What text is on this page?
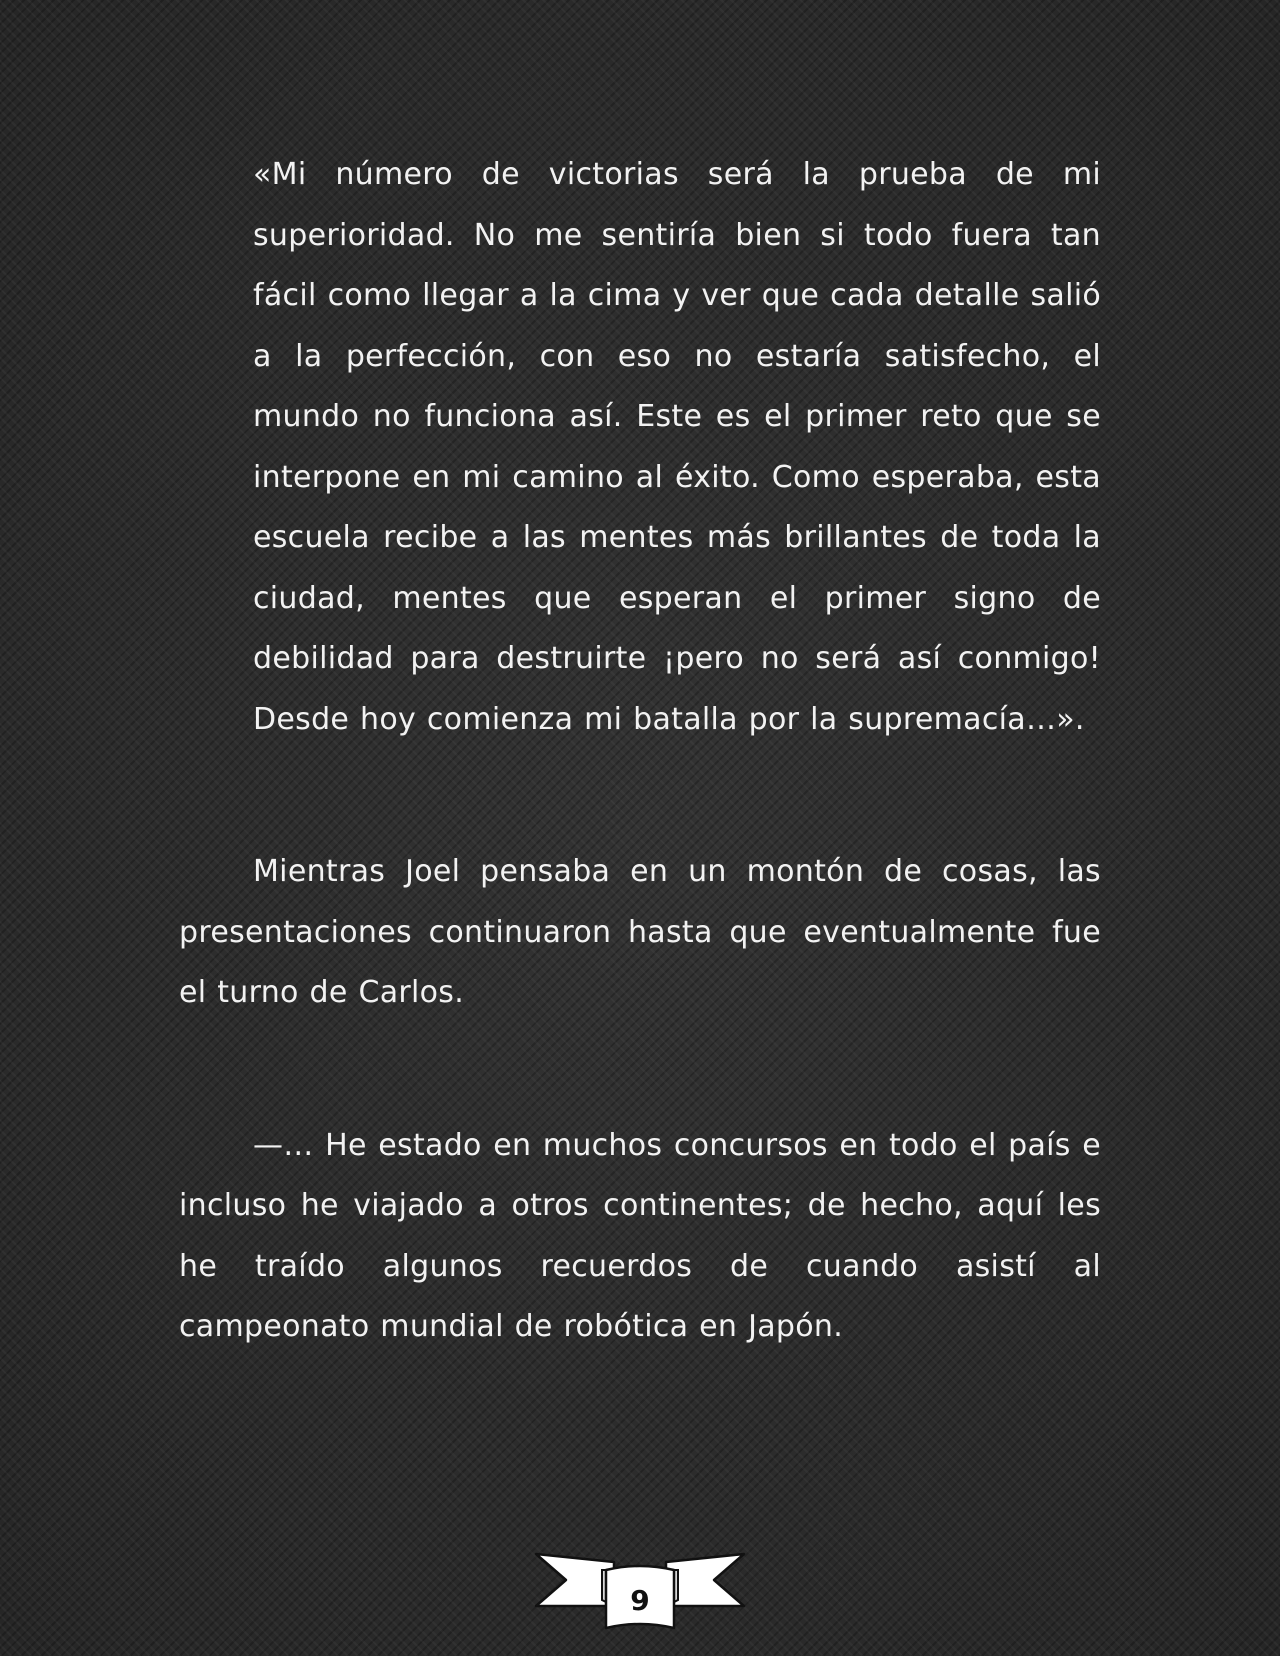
«Mi número de victorias será la prueba de mi superioridad. No me sentiría bien si todo fuera tan fácil como llegar a la cima y ver que cada detalle salió a la perfección, con eso no estaría satisfecho, el mundo no funciona así. Este es el primer reto que se interpone en mi camino al éxito. Como esperaba, esta escuela recibe a las mentes más brillantes de toda la ciudad, mentes que esperan el primer signo de debilidad para destruirte ¡pero no será así conmigo! Desde hoy comienza mi batalla por la supremacía…».

Mientras Joel pensaba en un montón de cosas, las presentaciones continuaron hasta que eventualmente fue el turno de Carlos.

—… He estado en muchos concursos en todo el país e incluso he viajado a otros continentes; de hecho, aquí les he traído algunos recuerdos de cuando asistí al campeonato mundial de robótica en Japón.

9
